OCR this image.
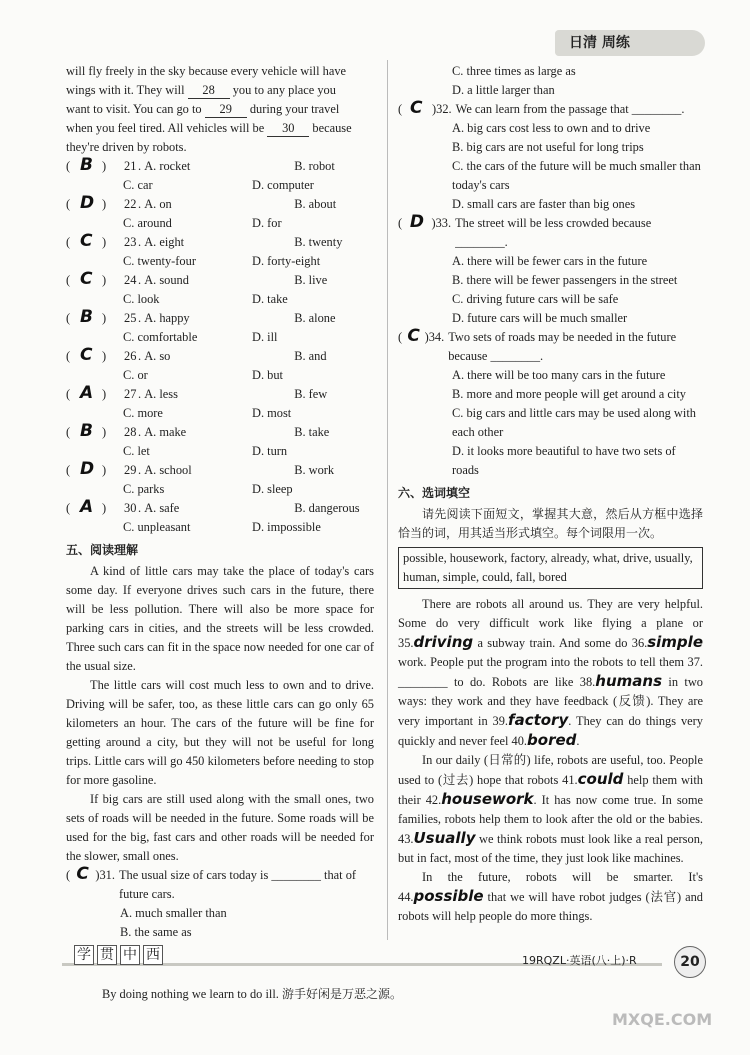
日清 周练

will fly freely in the sky because every vehicle will have

wings with it. They will 28 you to any place you

want to visit. You can go to 29 during your travel

when you feel tired. All vehicles will be 30 because

they're driven by robots.

( B )	21 . A. rocket	B. robot
C. car	D. computer
( D )	22 . A. on	B. about
C. around	D. for
( C )	23 . A. eight	B. twenty
C. twenty-four	D. forty-eight
( C )	24 . A. sound	B. live
C. look	D. take
( B )	25 . A. happy	B. alone
C. comfortable	D. ill
( C )	26 . A. so	B. and
C. or	D. but
( A )	27 . A. less	B. few
C. more	D. most
( B )	28 . A. make	B. take
C. let	D. turn
( D )	29 . A. school	B. work
C. parks	D. sleep
( A )	30 . A. safe	B. dangerous
C. unpleasant	D. impossible
五、阅读理解

A kind of little cars may take the place of today's cars some day. If everyone drives such cars in the future, there will be less pollution. There will also be more space for parking cars in cities, and the streets will be less crowded. Three such cars can fit in the space now needed for one car of the usual size.

The little cars will cost much less to own and to drive. Driving will be safer, too, as these little cars can go only 65 kilometers an hour. The cars of the future will be fine for getting around a city, but they will not be useful for long trips. Little cars will go 450 kilometers before needing to stop for more gasoline.

If big cars are still used along with the small ones, two sets of roads will be needed in the future. Some roads will be used for the big, fast cars and other roads will be needed for the slower, small ones.

( C )31. The usual size of cars today is ________ that of future cars.
A. much smaller than
B. the same as
C. three times as large as
D. a little larger than
( C )32. We can learn from the passage that ________.
A. big cars cost less to own and to drive
B. big cars are not useful for long trips
C. the cars of the future will be much smaller than today's cars
D. small cars are faster than big ones
( D )33. The street will be less crowded because ________.
A. there will be fewer cars in the future
B. there will be fewer passengers in the street
C. driving future cars will be safe
D. future cars will be much smaller
( C )34. Two sets of roads may be needed in the future because ________.
A. there will be too many cars in the future
B. more and more people will get around a city
C. big cars and little cars may be used along with each other
D. it looks more beautiful to have two sets of roads
六、选词填空

请先阅读下面短文，掌握其大意，然后从方框中选择恰当的词，用其适当形式填空。每个词限用一次。

possible, housework, factory, already, what, drive, usually, human, simple, could, fall, bored

There are robots all around us. They are very helpful. Some do very difficult work like flying a plane or 35.driving a subway train. And some do 36.simple work. People put the program into the robots to tell them 37. ________ to do. Robots are like 38.humans in two ways: they work and they have feedback (反馈). They are very important in 39.factory. They can do things very quickly and never feel 40.bored.

In our daily (日常的) life, robots are useful, too. People used to (过去) hope that robots 41.could help them with their 42.housework. It has now come true. In some families, robots help them to look after the old or the babies. 43.Usually we think robots must look like a real person, but in fact, most of the time, they just look like machines.

In the future, robots will be smarter. It's 44.possible that we will have robot judges (法官) and robots will help people do more things.

学 贯 中 西	19RQZL·英语(八·上)·R	20
By doing nothing we learn to do ill. 游手好闲是万恶之源。
MXQE.COM
